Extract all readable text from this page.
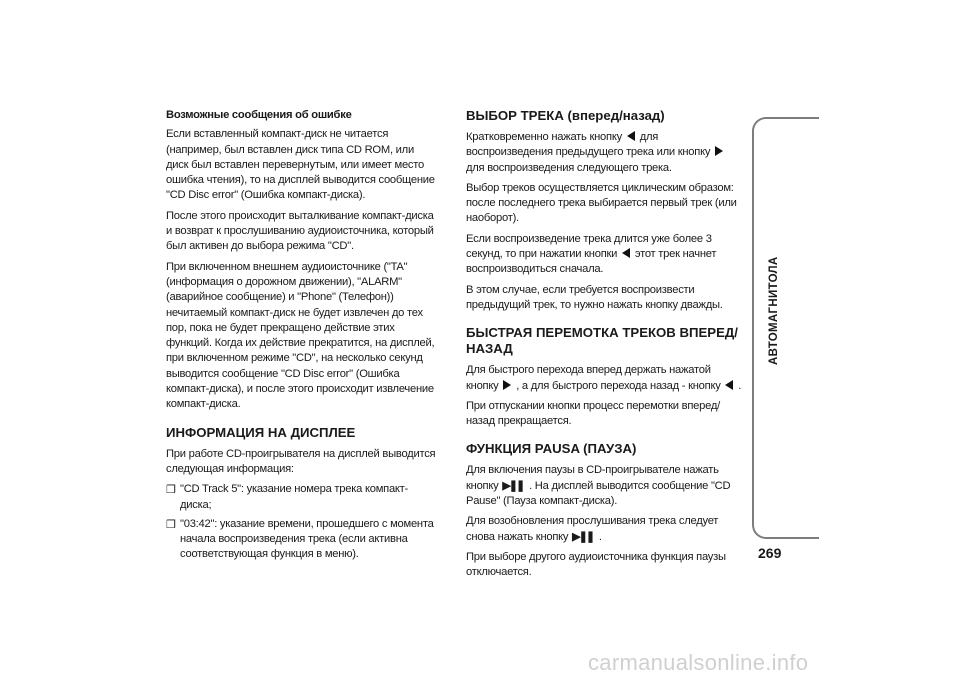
Возможные сообщения об ошибке

Если вставленный компакт-диск не читается (например, был вставлен диск типа CD ROM, или диск был вставлен перевернутым, или имеет место ошибка чтения), то на дисплей выводится сообщение "CD Disc error" (Ошибка компакт-диска).

После этого происходит выталкивание компакт-диска и возврат к прослушиванию аудиоисточника, который был активен до выбора режима "CD".

При включенном внешнем аудиоисточнике ("TA" (информация о дорожном движении), "ALARM" (аварийное сообщение) и "Phone" (Телефон)) нечитаемый компакт-диск не будет извлечен до тех пор, пока не будет прекращено действие этих функций. Когда их действие прекратится, на дисплей, при включенном режиме "CD", на несколько секунд выводится сообщение "CD Disc error" (Ошибка компакт-диска), и после этого происходит извлечение компакт-диска.

ИНФОРМАЦИЯ НА ДИСПЛЕЕ

При работе CD-проигрывателя на дисплей выводится следующая информация:

❒ "CD Track 5": указание номера трека компакт-диска;
❒ "03:42": указание времени, прошедшего с момента начала воспроизведения трека (если активна соответствующая функция в меню).
ВЫБОР ТРЕКА (вперед/назад)

Кратковременно нажать кнопку для воспроизведения предыдущего трека или кнопку  для воспроизведения следующего трека.

Выбор треков осуществляется циклическим образом: после последнего трека выбирается первый трек (или наоборот).

Если воспроизведение трека длится уже более 3 секунд, то при нажатии кнопки этот трек начнет воспроизводиться сначала.

В этом случае, если требуется воспроизвести предыдущий трек, то нужно нажать кнопку дважды.

БЫСТРАЯ ПЕРЕМОТКА ТРЕКОВ ВПЕРЕД/НАЗАД

Для быстрого перехода вперед держать нажатой кнопку , а для быстрого перехода назад - кнопку .

При отпускании кнопки процесс перемотки вперед/назад прекращается.

ФУНКЦИЯ PAUSA (ПАУЗА)

Для включения паузы в CD-проигрывателе нажать кнопку ▶❚❚ . На дисплей выводится сообщение "CD Pause" (Пауза компакт-диска).

Для возобновления прослушивания трека следует снова нажать кнопку ▶❚❚ .

При выборе другого аудиоисточника функция паузы отключается.

АВТОМАГНИТОЛА
269
carmanualsonline.info
